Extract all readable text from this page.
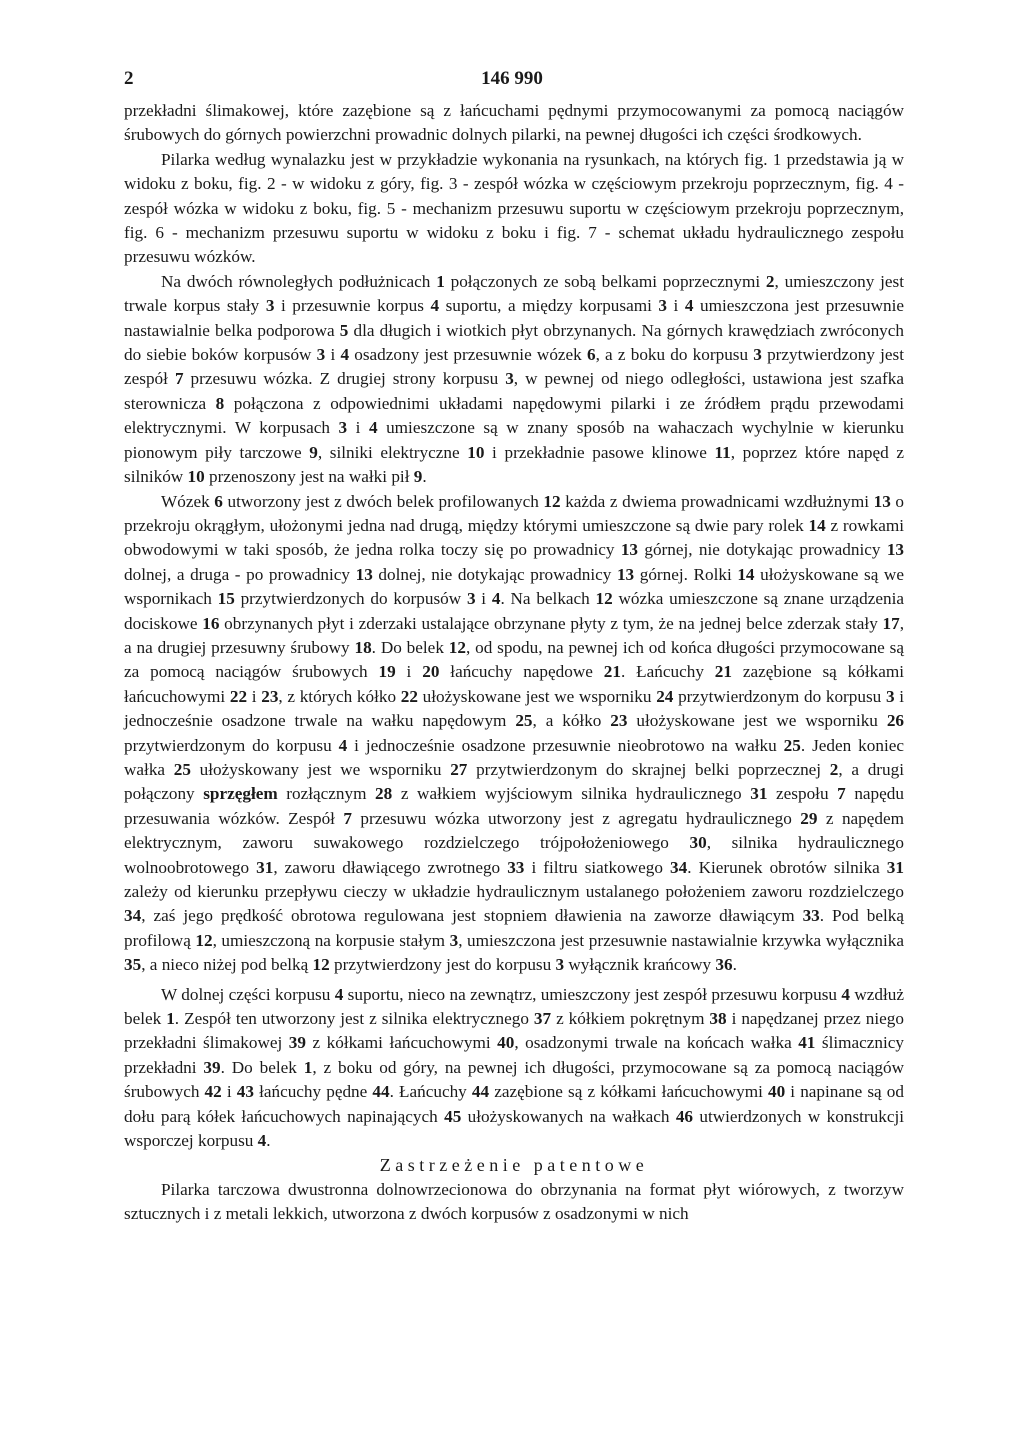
2	146 990

przekładni ślimakowej, które zazębione są z łańcuchami pędnymi przymocowanymi za pomocą naciągów śrubowych do górnych powierzchni prowadnic dolnych pilarki, na pewnej długości ich części środkowych.

Pilarka według wynalazku jest w przykładzie wykonania na rysunkach, na których fig. 1 przedstawia ją w widoku z boku, fig. 2 - w widoku z góry, fig. 3 - zespół wózka w częściowym przekroju poprzecznym, fig. 4 - zespół wózka w widoku z boku, fig. 5 - mechanizm przesuwu suportu w częściowym przekroju poprzecznym, fig. 6 - mechanizm przesuwu suportu w widoku z boku i fig. 7 - schemat układu hydraulicznego zespołu przesuwu wózków.

Na dwóch równoległych podłużnicach 1 połączonych ze sobą belkami poprzecznymi 2, umieszczony jest trwale korpus stały 3 i przesuwnie korpus 4 suportu, a między korpusami 3 i 4 umieszczona jest przesuwnie nastawialnie belka podporowa 5 dla długich i wiotkich płyt obrzynanych. Na górnych krawędziach zwróconych do siebie boków korpusów 3 i 4 osadzony jest przesuwnie wózek 6, a z boku do korpusu 3 przytwierdzony jest zespół 7 przesuwu wózka. Z drugiej strony korpusu 3, w pewnej od niego odległości, ustawiona jest szafka sterownicza 8 połączona z odpowiednimi układami napędowymi pilarki i ze źródłem prądu przewodami elektrycznymi. W korpusach 3 i 4 umieszczone są w znany sposób na wahaczach wychylnie w kierunku pionowym piły tarczowe 9, silniki elektryczne 10 i przekładnie pasowe klinowe 11, poprzez które napęd z silników 10 przenoszony jest na wałki pił 9.

Wózek 6 utworzony jest z dwóch belek profilowanych 12 każda z dwiema prowadnicami wzdłużnymi 13 o przekroju okrągłym, ułożonymi jedna nad drugą, między którymi umieszczone są dwie pary rolek 14 z rowkami obwodowymi w taki sposób, że jedna rolka toczy się po prowadnicy 13 górnej, nie dotykając prowadnicy 13 dolnej, a druga - po prowadnicy 13 dolnej, nie dotykając prowadnicy 13 górnej. Rolki 14 ułożyskowane są we wspornikach 15 przytwierdzonych do korpusów 3 i 4. Na belkach 12 wózka umieszczone są znane urządzenia dociskowe 16 obrzynanych płyt i zderzaki ustalające obrzynane płyty z tym, że na jednej belce zderzak stały 17, a na drugiej przesuwny śrubowy 18. Do belek 12, od spodu, na pewnej ich od końca długości przymocowane są za pomocą naciągów śrubowych 19 i 20 łańcuchy napędowe 21. Łańcuchy 21 zazębione są kółkami łańcuchowymi 22 i 23, z których kółko 22 ułożyskowane jest we wsporniku 24 przytwierdzonym do korpusu 3 i jednocześnie osadzone trwale na wałku napędowym 25, a kółko 23 ułożyskowane jest we wsporniku 26 przytwierdzonym do korpusu 4 i jednocześnie osadzone przesuwnie nieobrotowo na wałku 25. Jeden koniec wałka 25 ułożyskowany jest we wsporniku 27 przytwierdzonym do skrajnej belki poprzecznej 2, a drugi połączony sprzęgłem rozłącznym 28 z wałkiem wyjściowym silnika hydraulicznego 31 zespołu 7 napędu przesuwania wózków. Zespół 7 przesuwu wózka utworzony jest z agregatu hydraulicznego 29 z napędem elektrycznym, zaworu suwakowego rozdzielczego trójpołożeniowego 30, silnika hydraulicznego wolnoobrotowego 31, zaworu dławiącego zwrotnego 33 i filtru siatkowego 34. Kierunek obrotów silnika 31 zależy od kierunku przepływu cieczy w układzie hydraulicznym ustalanego położeniem zaworu rozdzielczego 34, zaś jego prędkość obrotowa regulowana jest stopniem dławienia na zaworze dławiącym 33. Pod belką profilową 12, umieszczoną na korpusie stałym 3, umieszczona jest przesuwnie nastawialnie krzywka wyłącznika 35, a nieco niżej pod belką 12 przytwierdzony jest do korpusu 3 wyłącznik krańcowy 36.

W dolnej części korpusu 4 suportu, nieco na zewnątrz, umieszczony jest zespół przesuwu korpusu 4 wzdłuż belek 1. Zespół ten utworzony jest z silnika elektrycznego 37 z kółkiem pokrętnym 38 i napędzanej przez niego przekładni ślimakowej 39 z kółkami łańcuchowymi 40, osadzonymi trwale na końcach wałka 41 ślimacznicy przekładni 39. Do belek 1, z boku od góry, na pewnej ich długości, przymocowane są za pomocą naciągów śrubowych 42 i 43 łańcuchy pędne 44. Łańcuchy 44 zazębione są z kółkami łańcuchowymi 40 i napinane są od dołu parą kółek łańcuchowych napinających 45 ułożyskowanych na wałkach 46 utwierdzonych w konstrukcji wsporczej korpusu 4.

Zastrzeżenie patentowe

Pilarka tarczowa dwustronna dolnowrzecionowa do obrzynania na format płyt wiórowych, z tworzyw sztucznych i z metali lekkich, utworzona z dwóch korpusów z osadzonymi w nich
